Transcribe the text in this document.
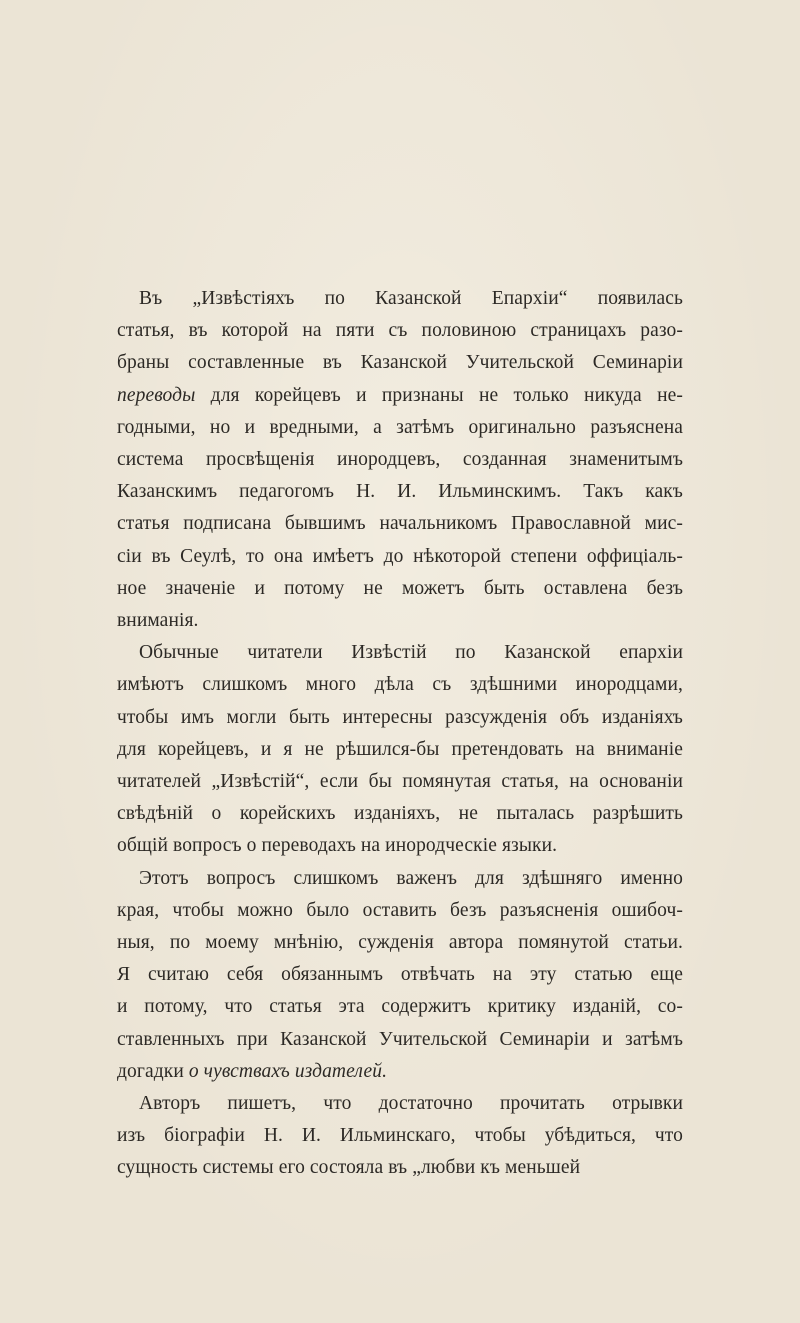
Въ „Извѣстіяхъ по Казанской Епархіи“ появилась
статья, въ которой на пяти съ половиною страницахъ разо-
браны составленные въ Казанской Учительской Семинаріи
переводы для корейцевъ и признаны не только никуда не-
годными, но и вредными, а затѣмъ оригинально разъяснена
система просвѣщенія инородцевъ, созданная знаменитымъ
Казанскимъ педагогомъ Н. И. Ильминскимъ. Такъ какъ
статья подписана бывшимъ начальникомъ Православной мис-
сіи въ Сеулѣ, то она имѣетъ до нѣкоторой степени оффиціаль-
ное значеніе и потому не можетъ быть оставлена безъ
вниманія.

Обычные читатели Извѣстій по Казанской епархіи
имѣютъ слишкомъ много дѣла съ здѣшними инородцами,
чтобы имъ могли быть интересны разсужденія объ изданіяхъ
для корейцевъ, и я не рѣшился-бы претендовать на вниманіе
читателей „Извѣстій“, если бы помянутая статья, на основаніи
свѣдѣній о корейскихъ изданіяхъ, не пыталась разрѣшить
общій вопросъ о переводахъ на инородческіе языки.

Этотъ вопросъ слишкомъ важенъ для здѣшняго именно
края, чтобы можно было оставить безъ разъясненія ошибоч-
ныя, по моему мнѣнію, сужденія автора помянутой статьи.
Я считаю себя обязаннымъ отвѣчать на эту статью еще
и потому, что статья эта содержитъ критику изданій, со-
ставленныхъ при Казанской Учительской Семинаріи и затѣмъ
догадки о чувствахъ издателей.

Авторъ пишетъ, что достаточно прочитать отрывки
изъ біографіи Н. И. Ильминскаго, чтобы убѣдиться, что
сущность системы его состояла въ „любви къ меньшей
